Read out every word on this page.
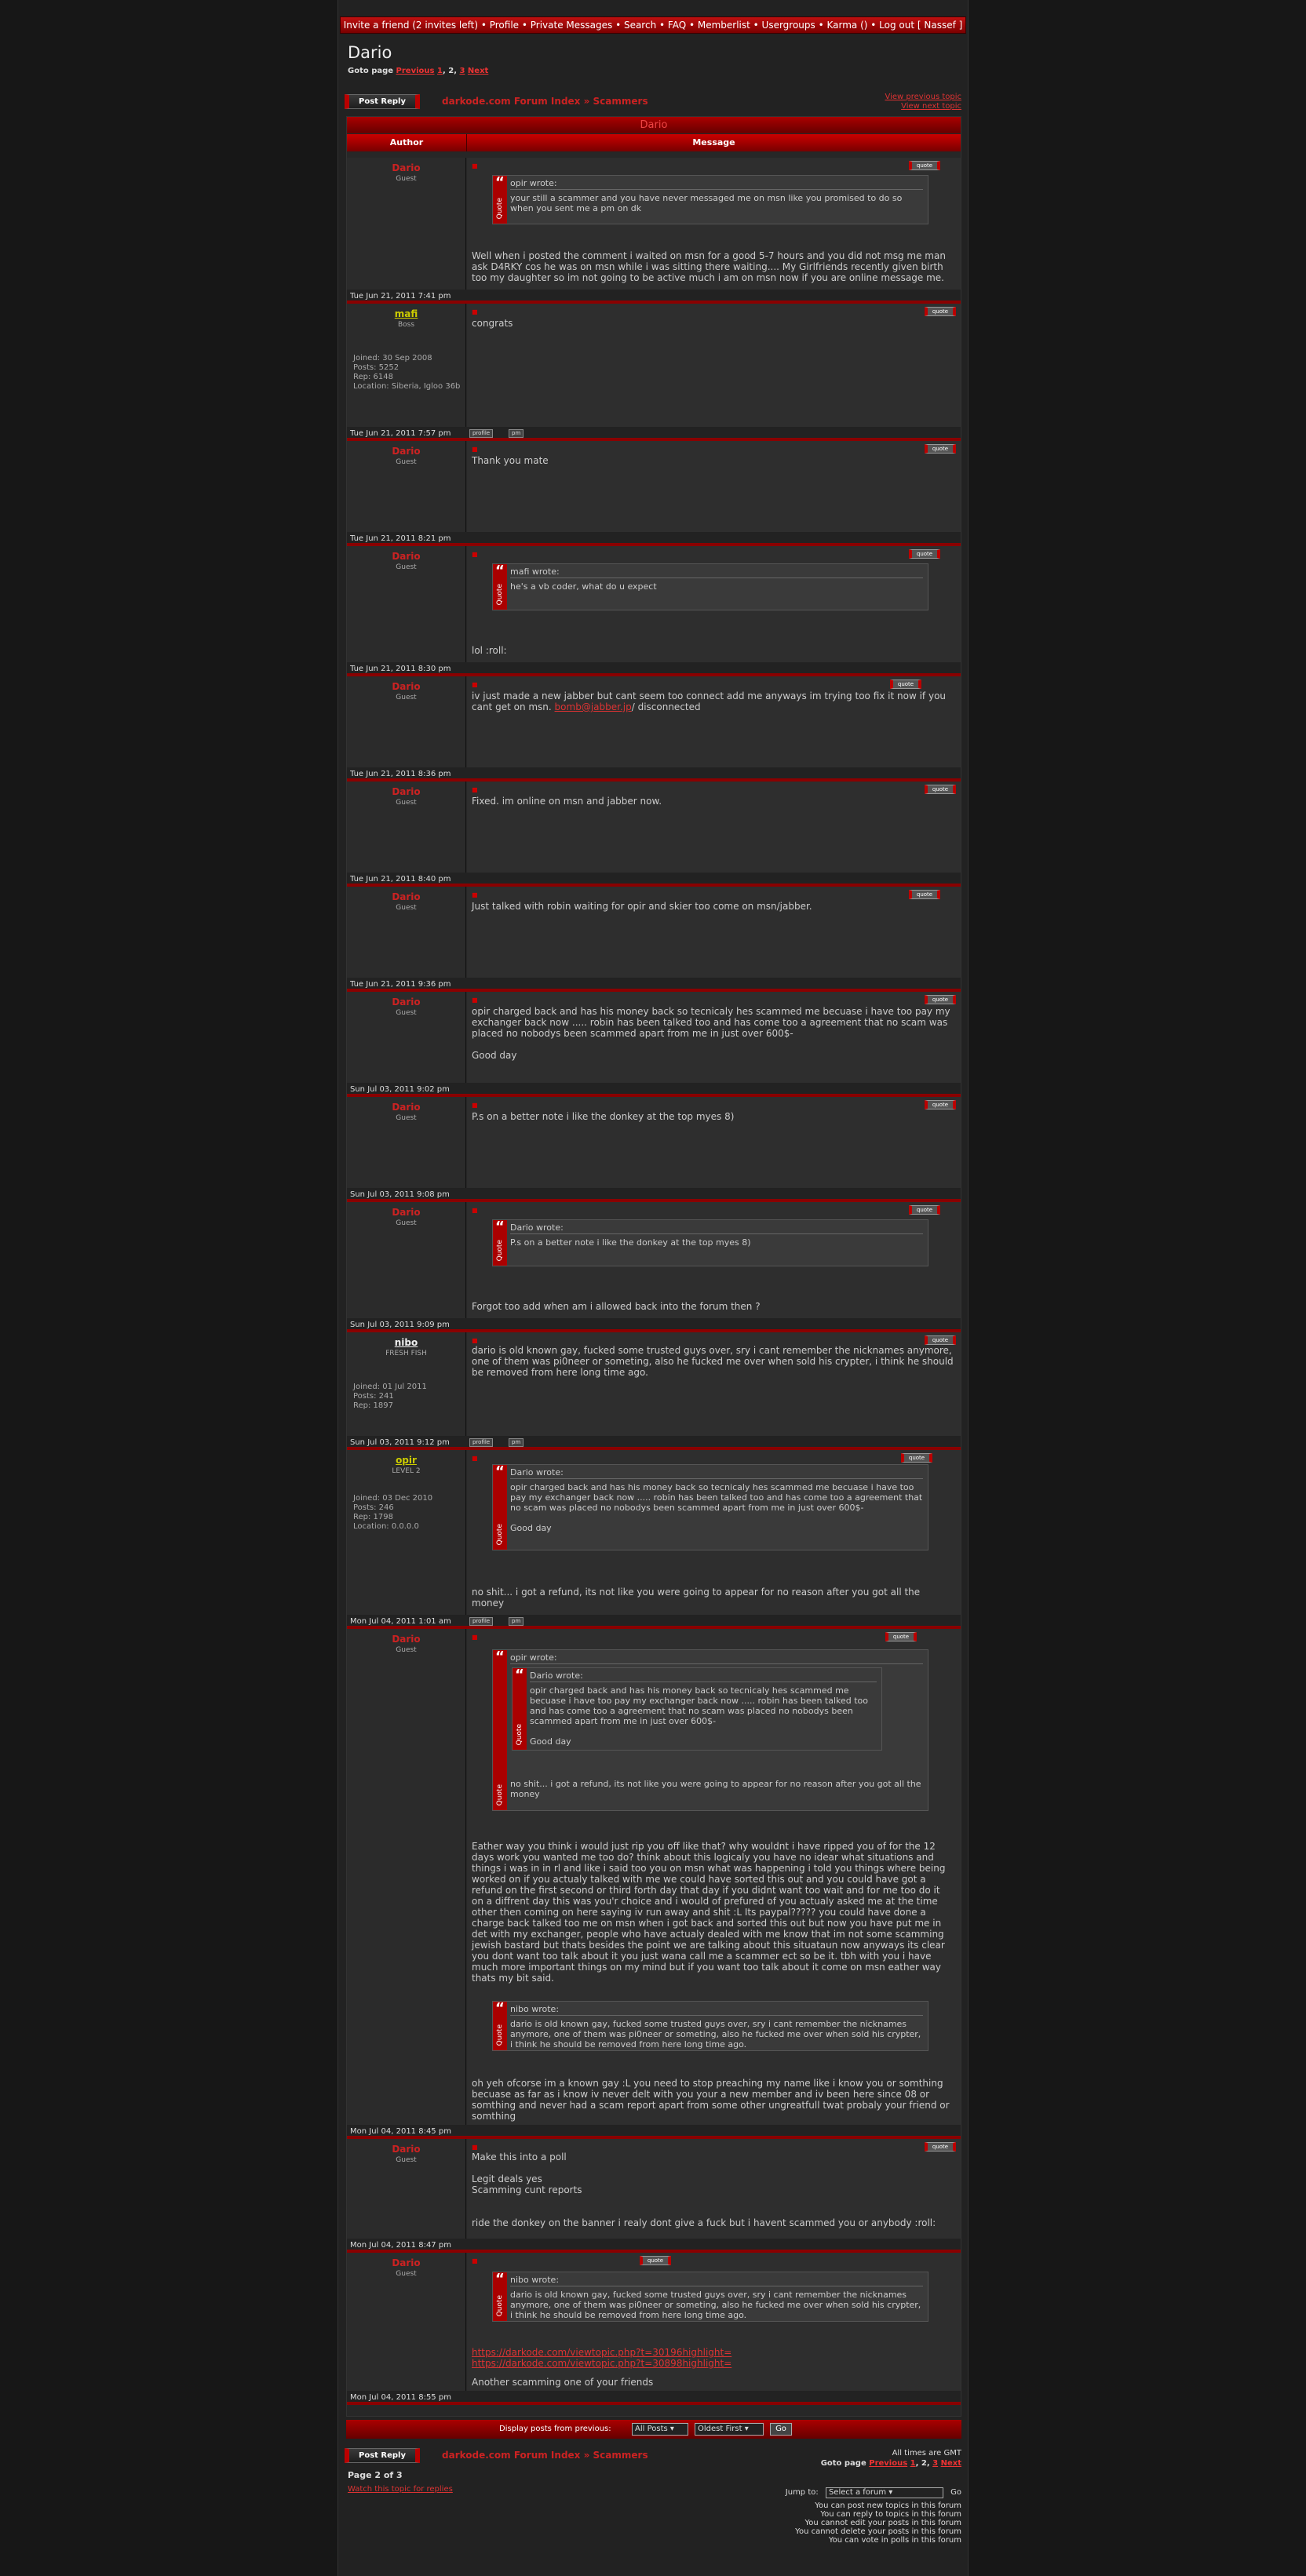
Invite a friend (2 invites left) • Profile • Private Messages • Search • FAQ • Memberlist • Usergroups • Karma () • Log out [ Nassef ]
Dario
Goto page Previous 1, 2, 3 Next
Post Reply	darkode.com Forum Index » Scammers	View previous topic
View next topic
Dario
Author	Message
Dario
Guest
■	quote
“
Quote
opir wrote:
your still a scammer and you have never messaged me on msn like you promised to do so when you sent me a pm on dk
Well when i posted the comment i waited on msn for a good 5-7 hours and you did not msg me man ask D4RKY cos he was on msn while i was sitting there waiting.... My Girlfriends recently given birth too my daughter so im not going to be active much i am on msn now if you are online message me.
Tue Jun 21, 2011 7:41 pm
mafi
Boss
Joined: 30 Sep 2008
Posts: 5252
Rep: 6148
Location: Siberia, Igloo 36b
■	quote
congrats
Tue Jun 21, 2011 7:57 pm	profile	pm
Dario
Guest
■	quote
Thank you mate
Tue Jun 21, 2011 8:21 pm
Dario
Guest
■	quote
“
Quote
mafi wrote:
he's a vb coder, what do u expect
lol :roll:
Tue Jun 21, 2011 8:30 pm
Dario
Guest
■	quote
iv just made a new jabber but cant seem too connect add me anyways im trying too fix it now if you cant get on msn. bomb@jabber.jp/ disconnected
Tue Jun 21, 2011 8:36 pm
Dario
Guest
■	quote
Fixed. im online on msn and jabber now.
Tue Jun 21, 2011 8:40 pm
Dario
Guest
■	quote
Just talked with robin waiting for opir and skier too come on msn/jabber.
Tue Jun 21, 2011 9:36 pm
Dario
Guest
■	quote
opir charged back and has his money back so tecnicaly hes scammed me becuase i have too pay my exchanger back now ..... robin has been talked too and has come too a agreement that no scam was placed no nobodys been scammed apart from me in just over 600$-

Good day
Sun Jul 03, 2011 9:02 pm
Dario
Guest
■	quote
P.s on a better note i like the donkey at the top myes 8)
Sun Jul 03, 2011 9:08 pm
Dario
Guest
■	quote
“
Quote
Dario wrote:
P.s on a better note i like the donkey at the top myes 8)
Forgot too add when am i allowed back into the forum then ?
Sun Jul 03, 2011 9:09 pm
nibo
FRESH FISH
Joined: 01 Jul 2011
Posts: 241
Rep: 1897
■	quote
dario is old known gay, fucked some trusted guys over, sry i cant remember the nicknames anymore, one of them was pi0neer or someting, also he fucked me over when sold his crypter, i think he should be removed from here long time ago.
Sun Jul 03, 2011 9:12 pm	profile	pm
opir
LEVEL 2
Joined: 03 Dec 2010
Posts: 246
Rep: 1798
Location: 0.0.0.0
■	quote
“
Quote
Dario wrote:
opir charged back and has his money back so tecnicaly hes scammed me becuase i have too pay my exchanger back now ..... robin has been talked too and has come too a agreement that no scam was placed no nobodys been scammed apart from me in just over 600$-

Good day
no shit... i got a refund, its not like you were going to appear for no reason after you got all the money
Mon Jul 04, 2011 1:01 am	profile	pm
Dario
Guest
■	quote
“
Quote
opir wrote:
“
Quote
Dario wrote:
opir charged back and has his money back so tecnicaly hes scammed me becuase i have too pay my exchanger back now ..... robin has been talked too and has come too a agreement that no scam was placed no nobodys been scammed apart from me in just over 600$-

Good day
no shit... i got a refund, its not like you were going to appear for no reason after you got all the money
Eather way you think i would just rip you off like that? why wouldnt i have ripped you of for the 12 days work you wanted me too do? think about this logicaly you have no idear what situations and things i was in in rl and like i said too you on msn what was happening i told you things where being worked on if you actualy talked with me we could have sorted this out and you could have got a refund on the first second or third forth day that day if you didnt want too wait and for me too do it on a diffrent day this was you'r choice and i would of prefured of you actualy asked me at the time other then coming on here saying iv run away and shit :L Its paypal????? you could have done a charge back talked too me on msn when i got back and sorted this out but now you have put me in det with my exchanger, people who have actualy dealed with me know that im not some scamming jewish bastard but thats besides the point we are talking about this situataun now anyways its clear you dont want too talk about it you just wana call me a scammer ect so be it. tbh with you i have much more important things on my mind but if you want too talk about it come on msn eather way thats my bit said.
“
Quote
nibo wrote:
dario is old known gay, fucked some trusted guys over, sry i cant remember the nicknames anymore, one of them was pi0neer or someting, also he fucked me over when sold his crypter, i think he should be removed from here long time ago.
oh yeh ofcorse im a known gay :L you need to stop preaching my name like i know you or somthing becuase as far as i know iv never delt with you your a new member and iv been here since 08 or somthing and never had a scam report apart from some other ungreatfull twat probaly your friend or somthing
Mon Jul 04, 2011 8:45 pm
Dario
Guest
■	quote
Make this into a poll

Legit deals yes
Scamming cunt reports

ride the donkey on the banner i realy dont give a fuck but i havent scammed you or anybody :roll:
Mon Jul 04, 2011 8:47 pm
Dario
Guest
■	quote
“
Quote
nibo wrote:
dario is old known gay, fucked some trusted guys over, sry i cant remember the nicknames anymore, one of them was pi0neer or someting, also he fucked me over when sold his crypter, i think he should be removed from here long time ago.
https://darkode.com/viewtopic.php?t=30196highlight=
https://darkode.com/viewtopic.php?t=30898highlight=
Another scamming one of your friends
Mon Jul 04, 2011 8:55 pm
Display posts from previous:	All Posts ▾	Oldest First ▾	Go
Post Reply	darkode.com Forum Index » Scammers	All times are GMT
Goto page Previous 1, 2, 3 Next
Page 2 of 3
Watch this topic for replies	Jump to: Select a forum ▾	Go
You can post new topics in this forum
You can reply to topics in this forum
You cannot edit your posts in this forum
You cannot delete your posts in this forum
You can vote in polls in this forum
